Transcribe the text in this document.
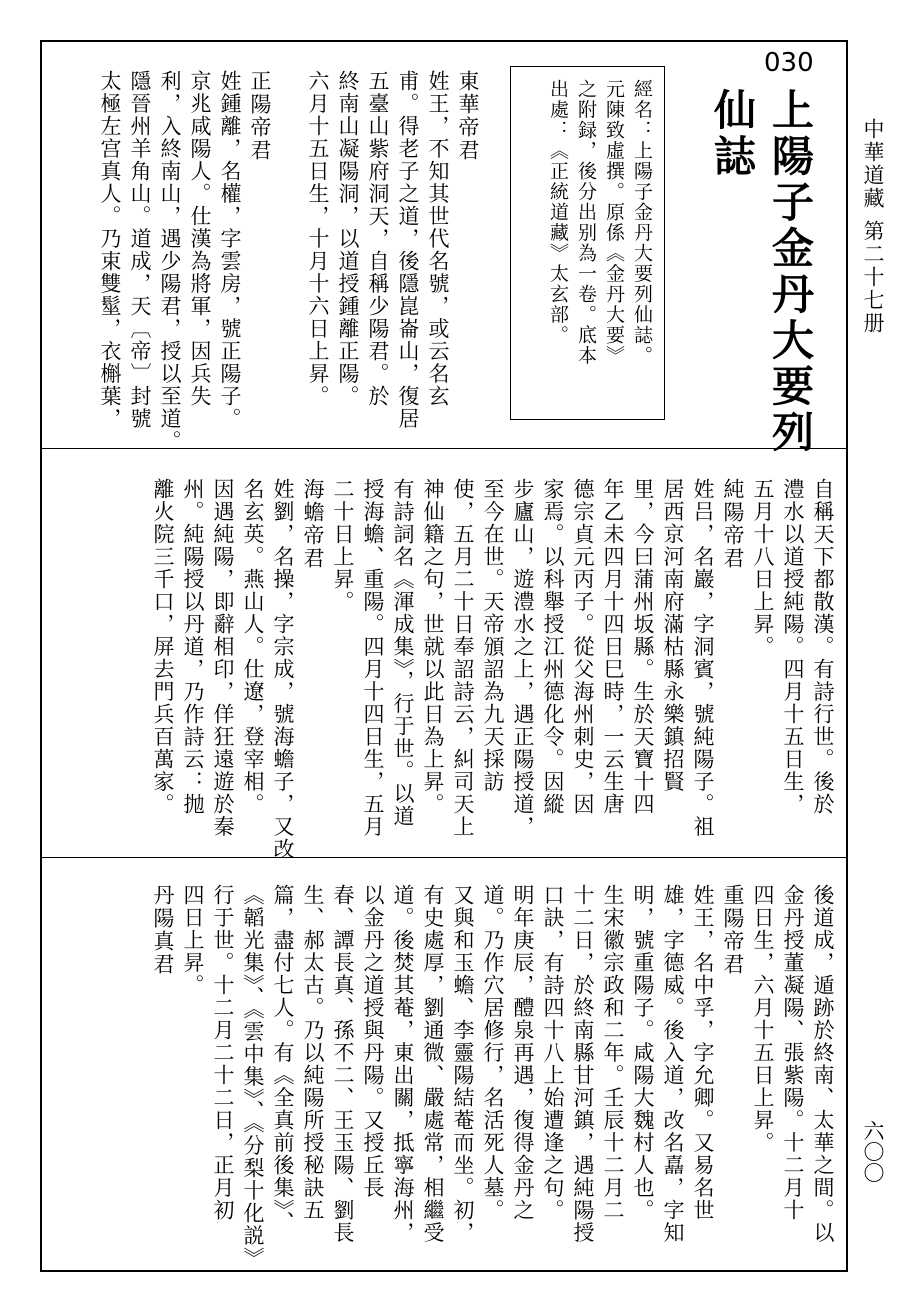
中華道藏
第二十七册
六〇〇
030
上陽子金丹大要列
仙誌
經名：上陽子金丹大要列仙誌。
元陳致虛撰。原係《金丹大要》
之附録，後分出别為一卷。底本
出處：《正統道藏》太玄部。
東華帝君
姓王，不知其世代名號，或云名玄
甫。得老子之道，後隱崑崙山，復居
五臺山紫府洞天，自稱少陽君。於
終南山凝陽洞，以道授鍾離正陽。
六月十五日生，十月十六日上昇。
正陽帝君
姓鍾離，名權，字雲房，號正陽子。
京兆咸陽人。仕漢為將軍，因兵失
利，入終南山，遇少陽君，授以至道。
隱晉州羊角山。道成，天〔帝〕封號
太極左宫真人。乃束雙髽，衣槲葉，
自稱天下都散漢。有詩行世。後於
澧水以道授純陽。四月十五日生，
五月十八日上昇。
純陽帝君
姓吕，名巖，字洞賓，號純陽子。祖
居西京河南府滿枯縣永樂鎮招賢
里，今曰蒲州坂縣。生於天寶十四
年乙未四月十四日巳時，一云生唐
德宗貞元丙子。從父海州刺史，因
家焉。以科舉授江州德化令。因縱
步廬山，遊澧水之上，遇正陽授道，
至今在世。天帝頒詔為九天採訪
使，五月二十日奉詔詩云，糾司天上
神仙籍之句，世就以此日為上昇。
有詩詞名《渾成集》，行于世。以道
授海蟾、重陽。四月十四日生，五月
二十日上昇。
海蟾帝君
姓劉，名操，字宗成，號海蟾子，又改
名玄英。燕山人。仕遼，登宰相。
因遇純陽，即辭相印，佯狂遠遊於秦
州。純陽授以丹道，乃作詩云：抛
離火院三千口，屏去門兵百萬家。
後道成，遁跡於終南、太華之間。以
金丹授董凝陽、張紫陽。十二月十
四日生，六月十五日上昇。
重陽帝君
姓王，名中孚，字允卿。又易名世
雄，字德威。後入道，改名嚞，字知
明，號重陽子。咸陽大魏村人也。
生宋徽宗政和二年。壬辰十二月二
十二日，於終南縣甘河鎮，遇純陽授
口訣，有詩四十八上始遭逢之句。
明年庚辰，醴泉再遇，復得金丹之
道。乃作穴居修行，名活死人墓。
又與和玉蟾、李靈陽結菴而坐。初，
有史處厚，劉通微、嚴處常，相繼受
道。後焚其菴，東出關，抵寧海州，
以金丹之道授與丹陽。又授丘長
春、譚長真、孫不二、王玉陽、劉長
生、郝太古。乃以純陽所授秘訣五
篇，盡付七人。有《全真前後集》、
《韜光集》、《雲中集》、《分梨十化説》
行于世。十二月二十二日，正月初
四日上昇。
丹陽真君
